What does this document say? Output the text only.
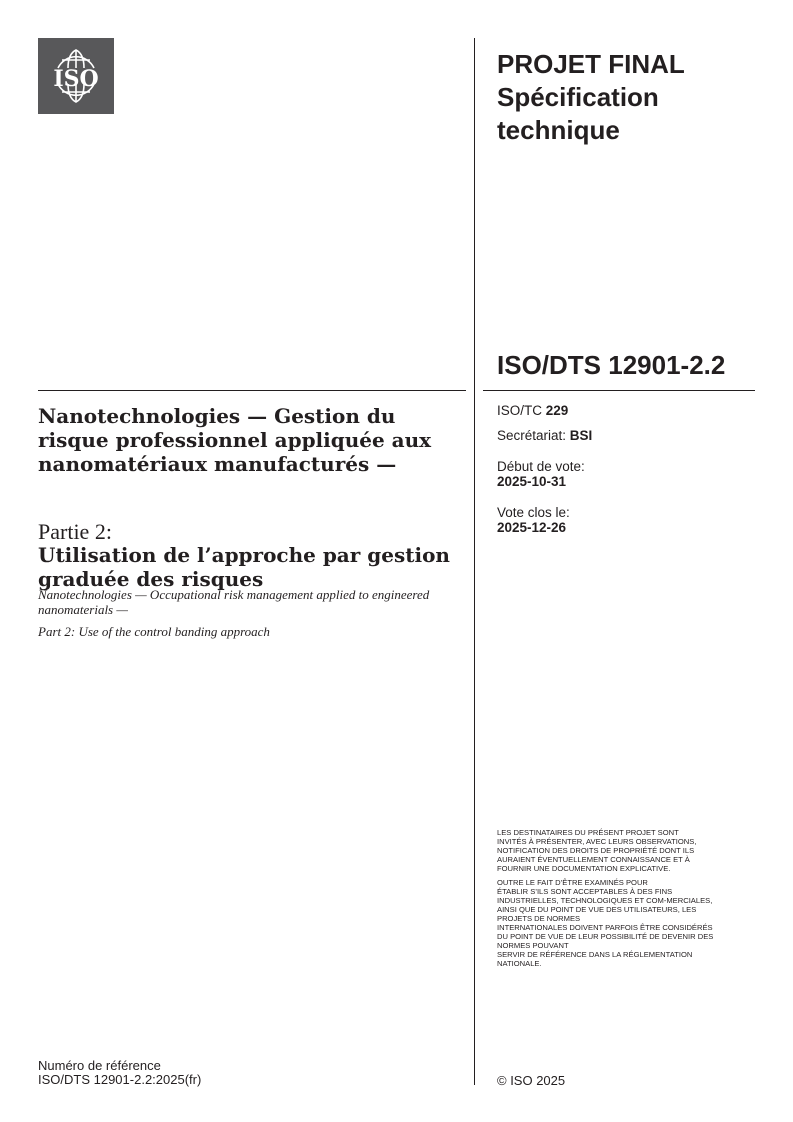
ISO	PROJET FINAL
Spécification technique
ISO/DTS 12901-2.2
ISO/TC 229
Secrétariat: BSI
Début de vote:
2025-10-31
Vote clos le:
2025-12-26
Nanotechnologies — Gestion du risque professionnel appliquée aux nanomatériaux manufacturés —
Partie 2:
Utilisation de l’approche par gestion graduée des risques
Nanotechnologies — Occupational risk management applied to engineered nanomaterials —
Part 2: Use of the control banding approach

LES DESTINATAIRES DU PRÉSENT PROJET SONT
INVITÉS À PRÉSENTER, AVEC LEURS OBSERVATIONS,
NOTIFICATION DES DROITS DE PROPRIÉTÉ DONT ILS
AURAIENT ÉVENTUELLEMENT CONNAISSANCE ET À
FOURNIR UNE DOCUMENTATION EXPLICATIVE.

OUTRE LE FAIT D’ÊTRE EXAMINÉS POUR
ÉTABLIR S’ILS SONT ACCEPTABLES À DES FINS
INDUSTRIELLES, TECHNOLOGIQUES ET COM-MERCIALES,
AINSI QUE DU POINT DE VUE DES UTILISATEURS, LES
PROJETS DE NORMES
INTERNATIONALES DOIVENT PARFOIS ÊTRE CONSIDÉRÉS
DU POINT DE VUE DE LEUR POSSIBILITÉ DE DEVENIR DES
NORMES POUVANT
SERVIR DE RÉFÉRENCE DANS LA RÉGLEMENTATION
NATIONALE.

Numéro de référence
ISO/DTS 12901-2.2:2025(fr)	© ISO 2025
